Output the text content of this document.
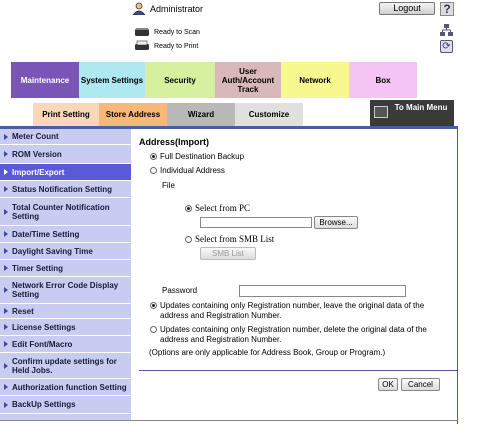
Administrator	Logout	?
Ready to Scan
Ready to Print	⟳
Maintenance	System Settings	Security
User Auth/Account Track
Network	Box
Print Setting	Store Address	Wizard	Customize
To Main Menu
Meter Count
ROM Version
Import/Export
Status Notification Setting
Total Counter Notification Setting
Date/Time Setting
Daylight Saving Time
Timer Setting
Network Error Code Display Setting
Reset
License Settings
Edit Font/Macro
Confirm update settings for Held Jobs.
Authorization function Setting
BackUp Settings
Address(Import)
Full Destination Backup
Individual Address
File
Select from PC
Browse...
Select from SMB List
SMB List
Password
Updates containing only Registration number, leave the original data of the address and Registration Number.
Updates containing only Registration number, delete the original data of the address and Registration Number.
(Options are only applicable for Address Book, Group or Program.)
OK	Cancel
